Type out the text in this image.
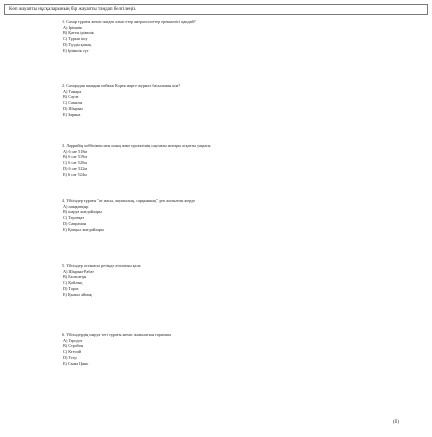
Көп жауапты нұсқаларының бір жауапты таңдап белгілеңіз.
1. Сахар тұрағы жеміс-жидек алып етер антропологтер ерекшелігі қандай?
А) Ірімшік
В) Қатты ірімшік
С) Тұрып ішу
D) Тұзды қатық
Е) Ірімшік сүт
2. Сахарадан шыққан пейзаж Корея жерге журнал басылымы кім?
А) Тамара
В) Сауле
С) Самалы
D) Шырын
Е) Зарина
3. Ларрийің хоббиімен мен оның жеке проектінің сақтаған жоғары асқатты уақыты
А) 6 сағ 518м
В) 6 сағ 519м
С) 6 сағ 520м
D) 6 сағ 522м
Е) 6 сағ 524м
4. Үйсіндер тұрағы "ат жасы, аяушылық, сарқыншақ" деп жазылған жерде
А) шаңқатқыр
В) шаруа жағдайлары
С) Терлеқат
D) Сапраман
Е) Қатқыл жағдайлары
5. Үйсіндер астанасы ретінде аталатын қала
А) Шырын-Рабат
В) Баласағұн
С) Қойлық
D) Тараз
Е) Қызыл аймақ
6. Үйсіндердің шаруа тегі тұрағы жеміс жазылатын тарихшы
А) Геродот
В) Страбон
С) Ктесий
D) Тегр
Е) Сыма Цянь
(б)
